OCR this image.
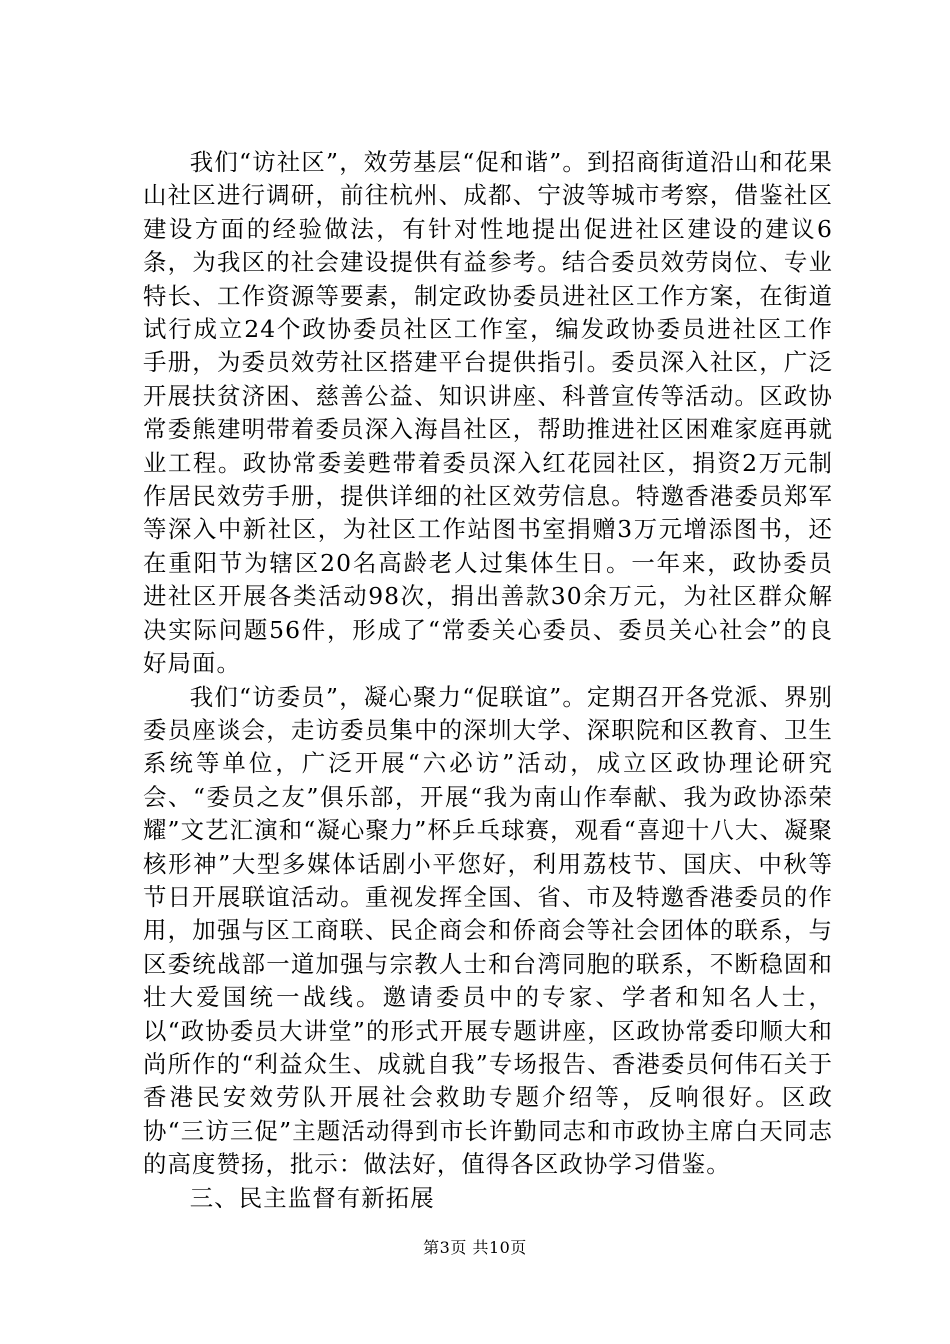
我们“访社区”，效劳基层“促和谐”。到招商街道沿山和花果山社区进行调研，前往杭州、成都、宁波等城市考察，借鉴社区建设方面的经验做法，有针对性地提出促进社区建设的建议6条，为我区的社会建设提供有益参考。结合委员效劳岗位、专业特长、工作资源等要素，制定政协委员进社区工作方案，在街道试行成立24个政协委员社区工作室，编发政协委员进社区工作手册，为委员效劳社区搭建平台提供指引。委员深入社区，广泛开展扶贫济困、慈善公益、知识讲座、科普宣传等活动。区政协常委熊建明带着委员深入海昌社区，帮助推进社区困难家庭再就业工程。政协常委姜甦带着委员深入红花园社区，捐资2万元制作居民效劳手册，提供详细的社区效劳信息。特邀香港委员郑军等深入中新社区，为社区工作站图书室捐赠3万元增添图书，还在重阳节为辖区20名高龄老人过集体生日。一年来，政协委员进社区开展各类活动98次，捐出善款30余万元，为社区群众解决实际问题56件，形成了“常委关心委员、委员关心社会”的良好局面。

我们“访委员”，凝心聚力“促联谊”。定期召开各党派、界别委员座谈会，走访委员集中的深圳大学、深职院和区教育、卫生系统等单位，广泛开展“六必访”活动，成立区政协理论研究会、“委员之友”俱乐部，开展“我为南山作奉献、我为政协添荣耀”文艺汇演和“凝心聚力”杯乒乓球赛，观看“喜迎十八大、凝聚核形神”大型多媒体话剧小平您好，利用荔枝节、国庆、中秋等节日开展联谊活动。重视发挥全国、省、市及特邀香港委员的作用，加强与区工商联、民企商会和侨商会等社会团体的联系，与区委统战部一道加强与宗教人士和台湾同胞的联系，不断稳固和壮大爱国统一战线。邀请委员中的专家、学者和知名人士，以“政协委员大讲堂”的形式开展专题讲座，区政协常委印顺大和尚所作的“利益众生、成就自我”专场报告、香港委员何伟石关于香港民安效劳队开展社会救助专题介绍等，反响很好。区政协“三访三促”主题活动得到市长许勤同志和市政协主席白天同志的高度赞扬，批示：做法好，值得各区政协学习借鉴。

三、民主监督有新拓展

第3页 共10页
